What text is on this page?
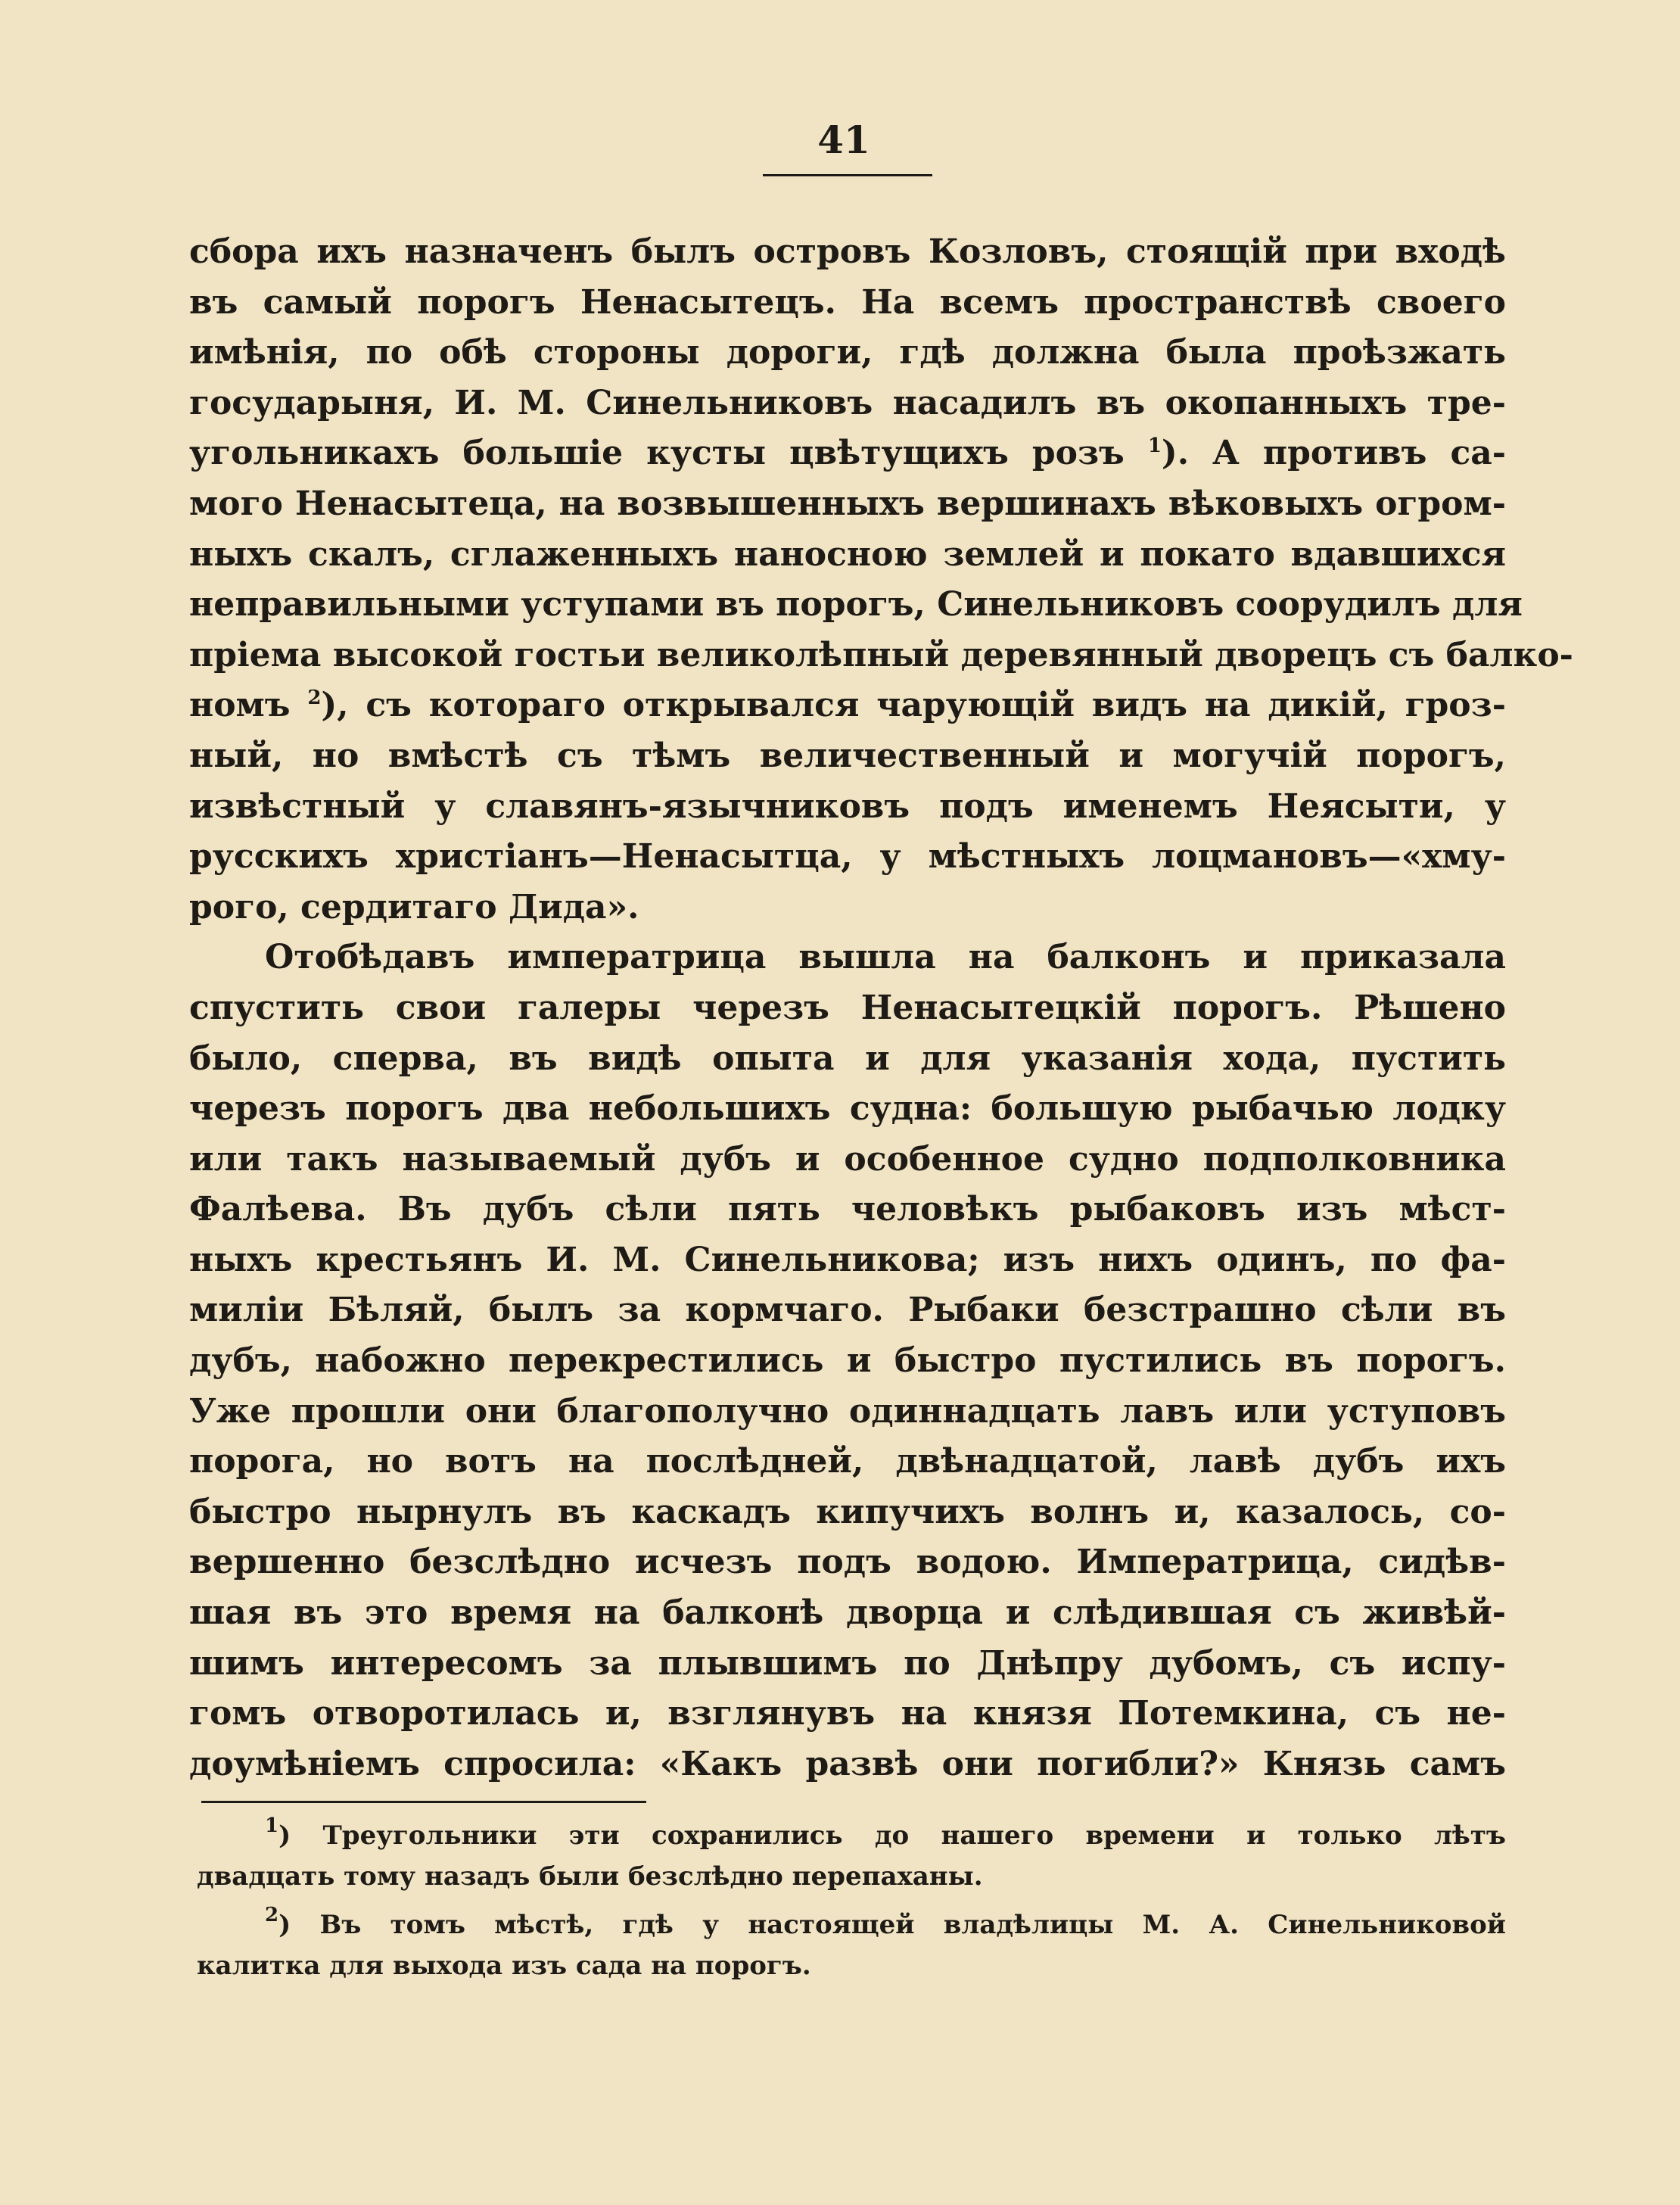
41
сбора ихъ назначенъ былъ островъ Козловъ, стоящій при входѣ
въ самый порогъ Ненасытецъ. На всемъ пространствѣ своего
имѣнія, по обѣ стороны дороги, гдѣ должна была проѣзжать
государыня, И. М. Синельниковъ насадилъ въ окопанныхъ тре-
угольникахъ большіе кусты цвѣтущихъ розъ $^1$). А противъ са-
мого Ненасытеца, на возвышенныхъ вершинахъ вѣковыхъ огром-
ныхъ скалъ, сглаженныхъ наносною землей и покато вдавшихся
неправильными уступами въ порогъ, Синельниковъ соорудилъ для
пріема высокой гостьи великолѣпный деревянный дворецъ съ балко-
номъ $^2$), съ котораго открывался чарующій видъ на дикій, гроз-
ный, но вмѣстѣ съ тѣмъ величественный и могучій порогъ,
извѣстный у славянъ-язычниковъ подъ именемъ Неясыти, у
русскихъ христіанъ—Ненасытца, у мѣстныхъ лоцмановъ—«хму-
рого, сердитаго Дида».
Отобѣдавъ императрица вышла на балконъ и приказала
спустить свои галеры черезъ Ненасытецкій порогъ. Рѣшено
было, сперва, въ видѣ опыта и для указанія хода, пустить
черезъ порогъ два небольшихъ судна: большую рыбачью лодку
или такъ называемый дубъ и особенное судно подполковника
Фалѣева. Въ дубъ сѣли пять человѣкъ рыбаковъ изъ мѣст-
ныхъ крестьянъ И. М. Синельникова; изъ нихъ одинъ, по фа-
миліи Бѣляй, былъ за кормчаго. Рыбаки безстрашно сѣли въ
дубъ, набожно перекрестились и быстро пустились въ порогъ.
Уже прошли они благополучно одиннадцать лавъ или уступовъ
порога, но вотъ на послѣдней, двѣнадцатой, лавѣ дубъ ихъ
быстро нырнулъ въ каскадъ кипучихъ волнъ и, казалось, со-
вершенно безслѣдно исчезъ подъ водою. Императрица, сидѣв-
шая въ это время на балконѣ дворца и слѣдившая съ живѣй-
шимъ интересомъ за плывшимъ по Днѣпру дубомъ, съ испу-
гомъ отворотилась и, взглянувъ на князя Потемкина, съ не-
доумѣніемъ спросила: «Какъ развѣ они погибли?» Князь самъ
$^1$) Треугольники эти сохранились до нашего времени и только лѣтъ
двадцать тому назадъ были безслѣдно перепаханы.
$^2$) Въ томъ мѣстѣ, гдѣ у настоящей владѣлицы М. А. Синельниковой
калитка для выхода изъ сада на порогъ.
